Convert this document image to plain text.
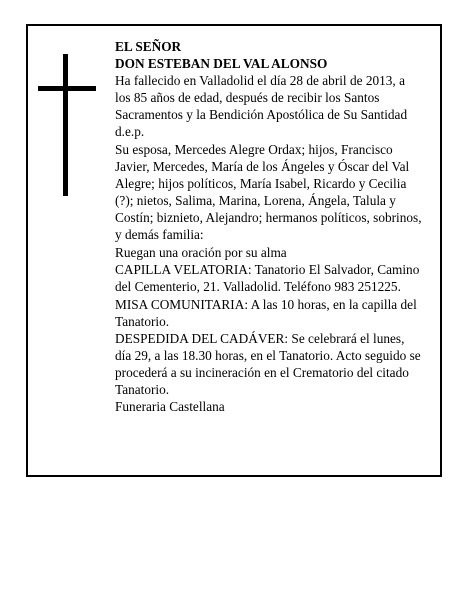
EL SEÑOR

DON ESTEBAN DEL VAL ALONSO

Ha fallecido en Valladolid el día 28 de abril de 2013, a los 85 años de edad, después de recibir los Santos Sacramentos y la Bendición Apostólica de Su Santidad d.e.p.

Su esposa, Mercedes Alegre Ordax; hijos, Francisco Javier, Mercedes, María de los Ángeles y Óscar del Val Alegre; hijos políticos, María Isabel, Ricardo y Cecilia (?); nietos, Salima, Marina, Lorena, Ángela, Talula y Costín; biznieto, Alejandro; hermanos políticos, sobrinos, y demás familia:

Ruegan una oración por su alma

CAPILLA VELATORIA: Tanatorio El Salvador, Camino del Cementerio, 21. Valladolid. Teléfono 983 251225.

MISA COMUNITARIA: A las 10 horas, en la capilla del Tanatorio.

DESPEDIDA DEL CADÁVER: Se celebrará el lunes, día 29, a las 18.30 horas, en el Tanatorio. Acto seguido se procederá a su incineración en el Crematorio del citado Tanatorio.

Funeraria Castellana
